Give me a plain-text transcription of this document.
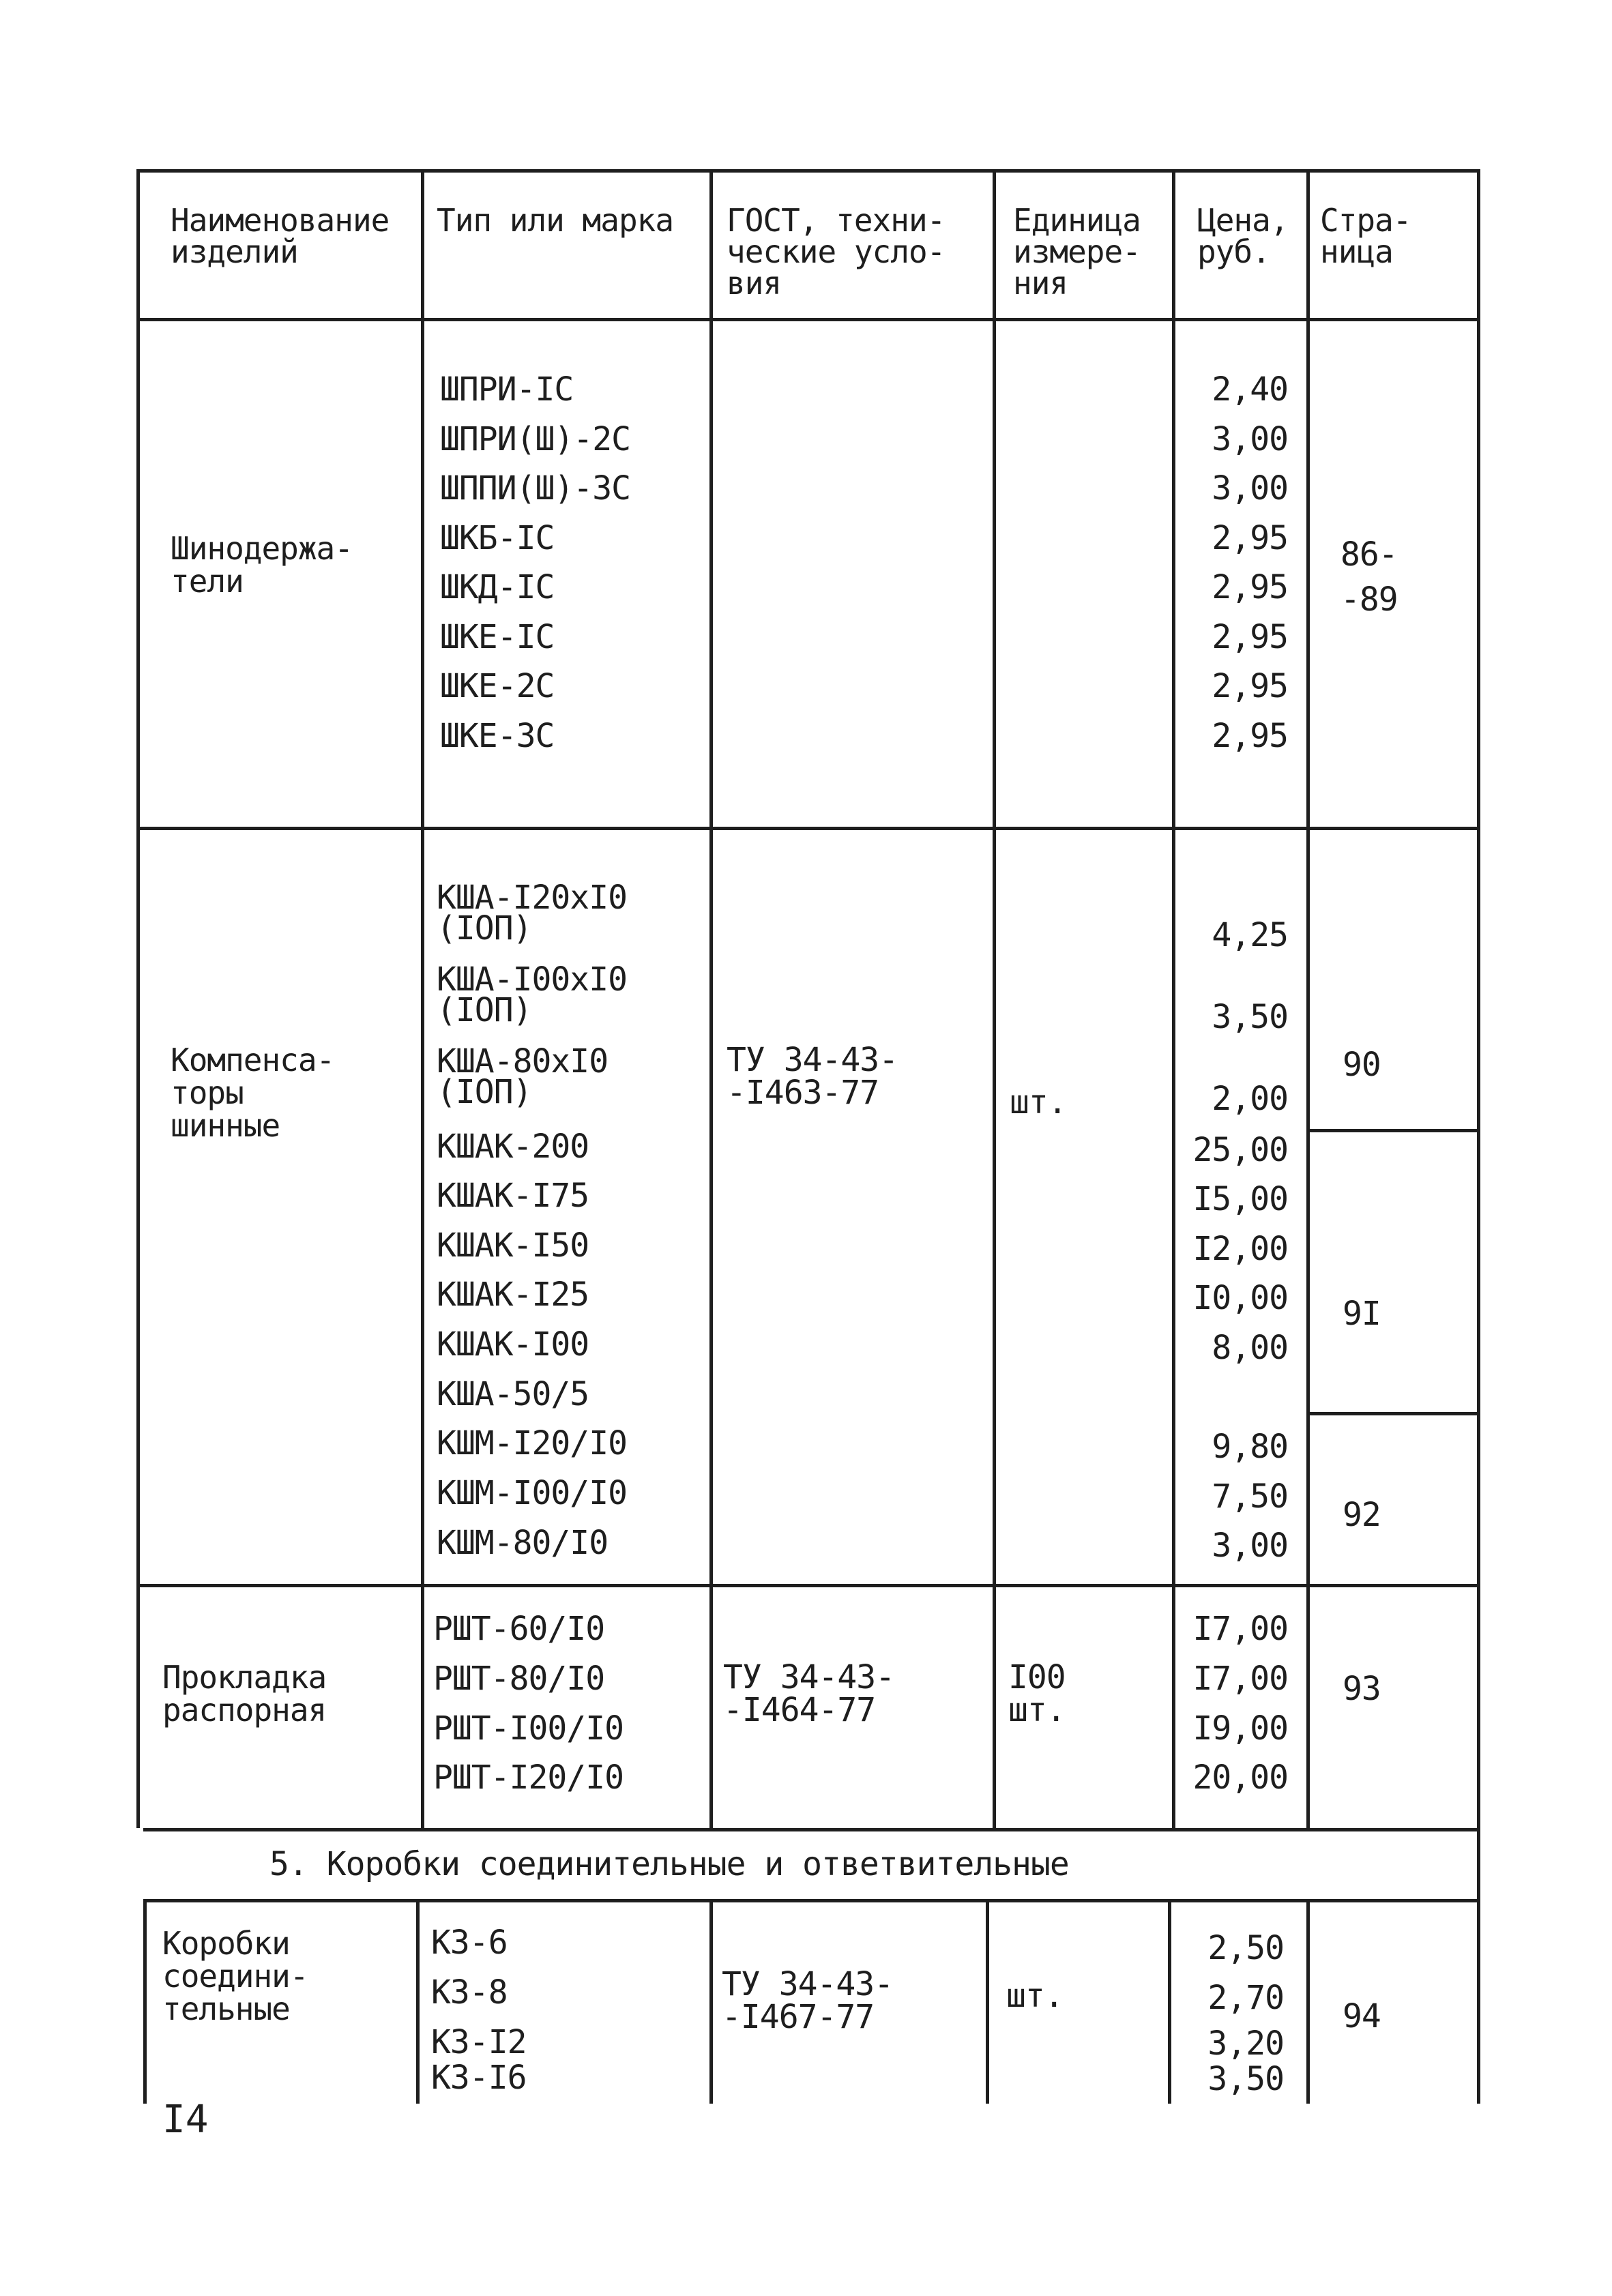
Наименование
изделий
Тип или марка ГОСТ, техни-
ческие усло-
вия
Единица
измере-
ния
Цена,
руб.
Стра-
ница
Шинодержа-
тели
ШПРИ-IC
ШПРИ(Ш)-2С
ШППИ(Ш)-3С
ШКБ-IC
ШКД-IC
ШКЕ-IC
ШКЕ-2С
ШКЕ-3С
2,40
3,00
3,00
2,95
2,95
2,95
2,95
2,95
86-
-89
Компенса-
торы
шинные
КША-I20xI0
(IОП)
КША-I00xI0
(IОП)
КША-80xI0
(IОП)
КШАК-200
КШАК-I75
КШАК-I50
КШАК-I25
КШАК-I00
КША-50/5
КШМ-I20/I0
КШМ-I00/I0
КШМ-80/I0
ТУ 34-43-
-I463-77	шт.
4,25
3,50
2,00
25,00
I5,00
I2,00
I0,00
8,00
9,80
7,50
3,00
90
9I
92
Прокладка
распорная
РШТ-60/I0
РШТ-80/I0
РШТ-I00/I0
РШТ-I20/I0
ТУ 34-43-
-I464-77
I00
шт.
I7,00
I7,00
I9,00
20,00
93
5. Коробки соединительные и ответвительные
Коробки
соедини-
тельные
КЗ-6
КЗ-8
КЗ-I2
КЗ-I6
ТУ 34-43-
-I467-77
шт.
2,50
2,70
3,20
3,50
94
I4
